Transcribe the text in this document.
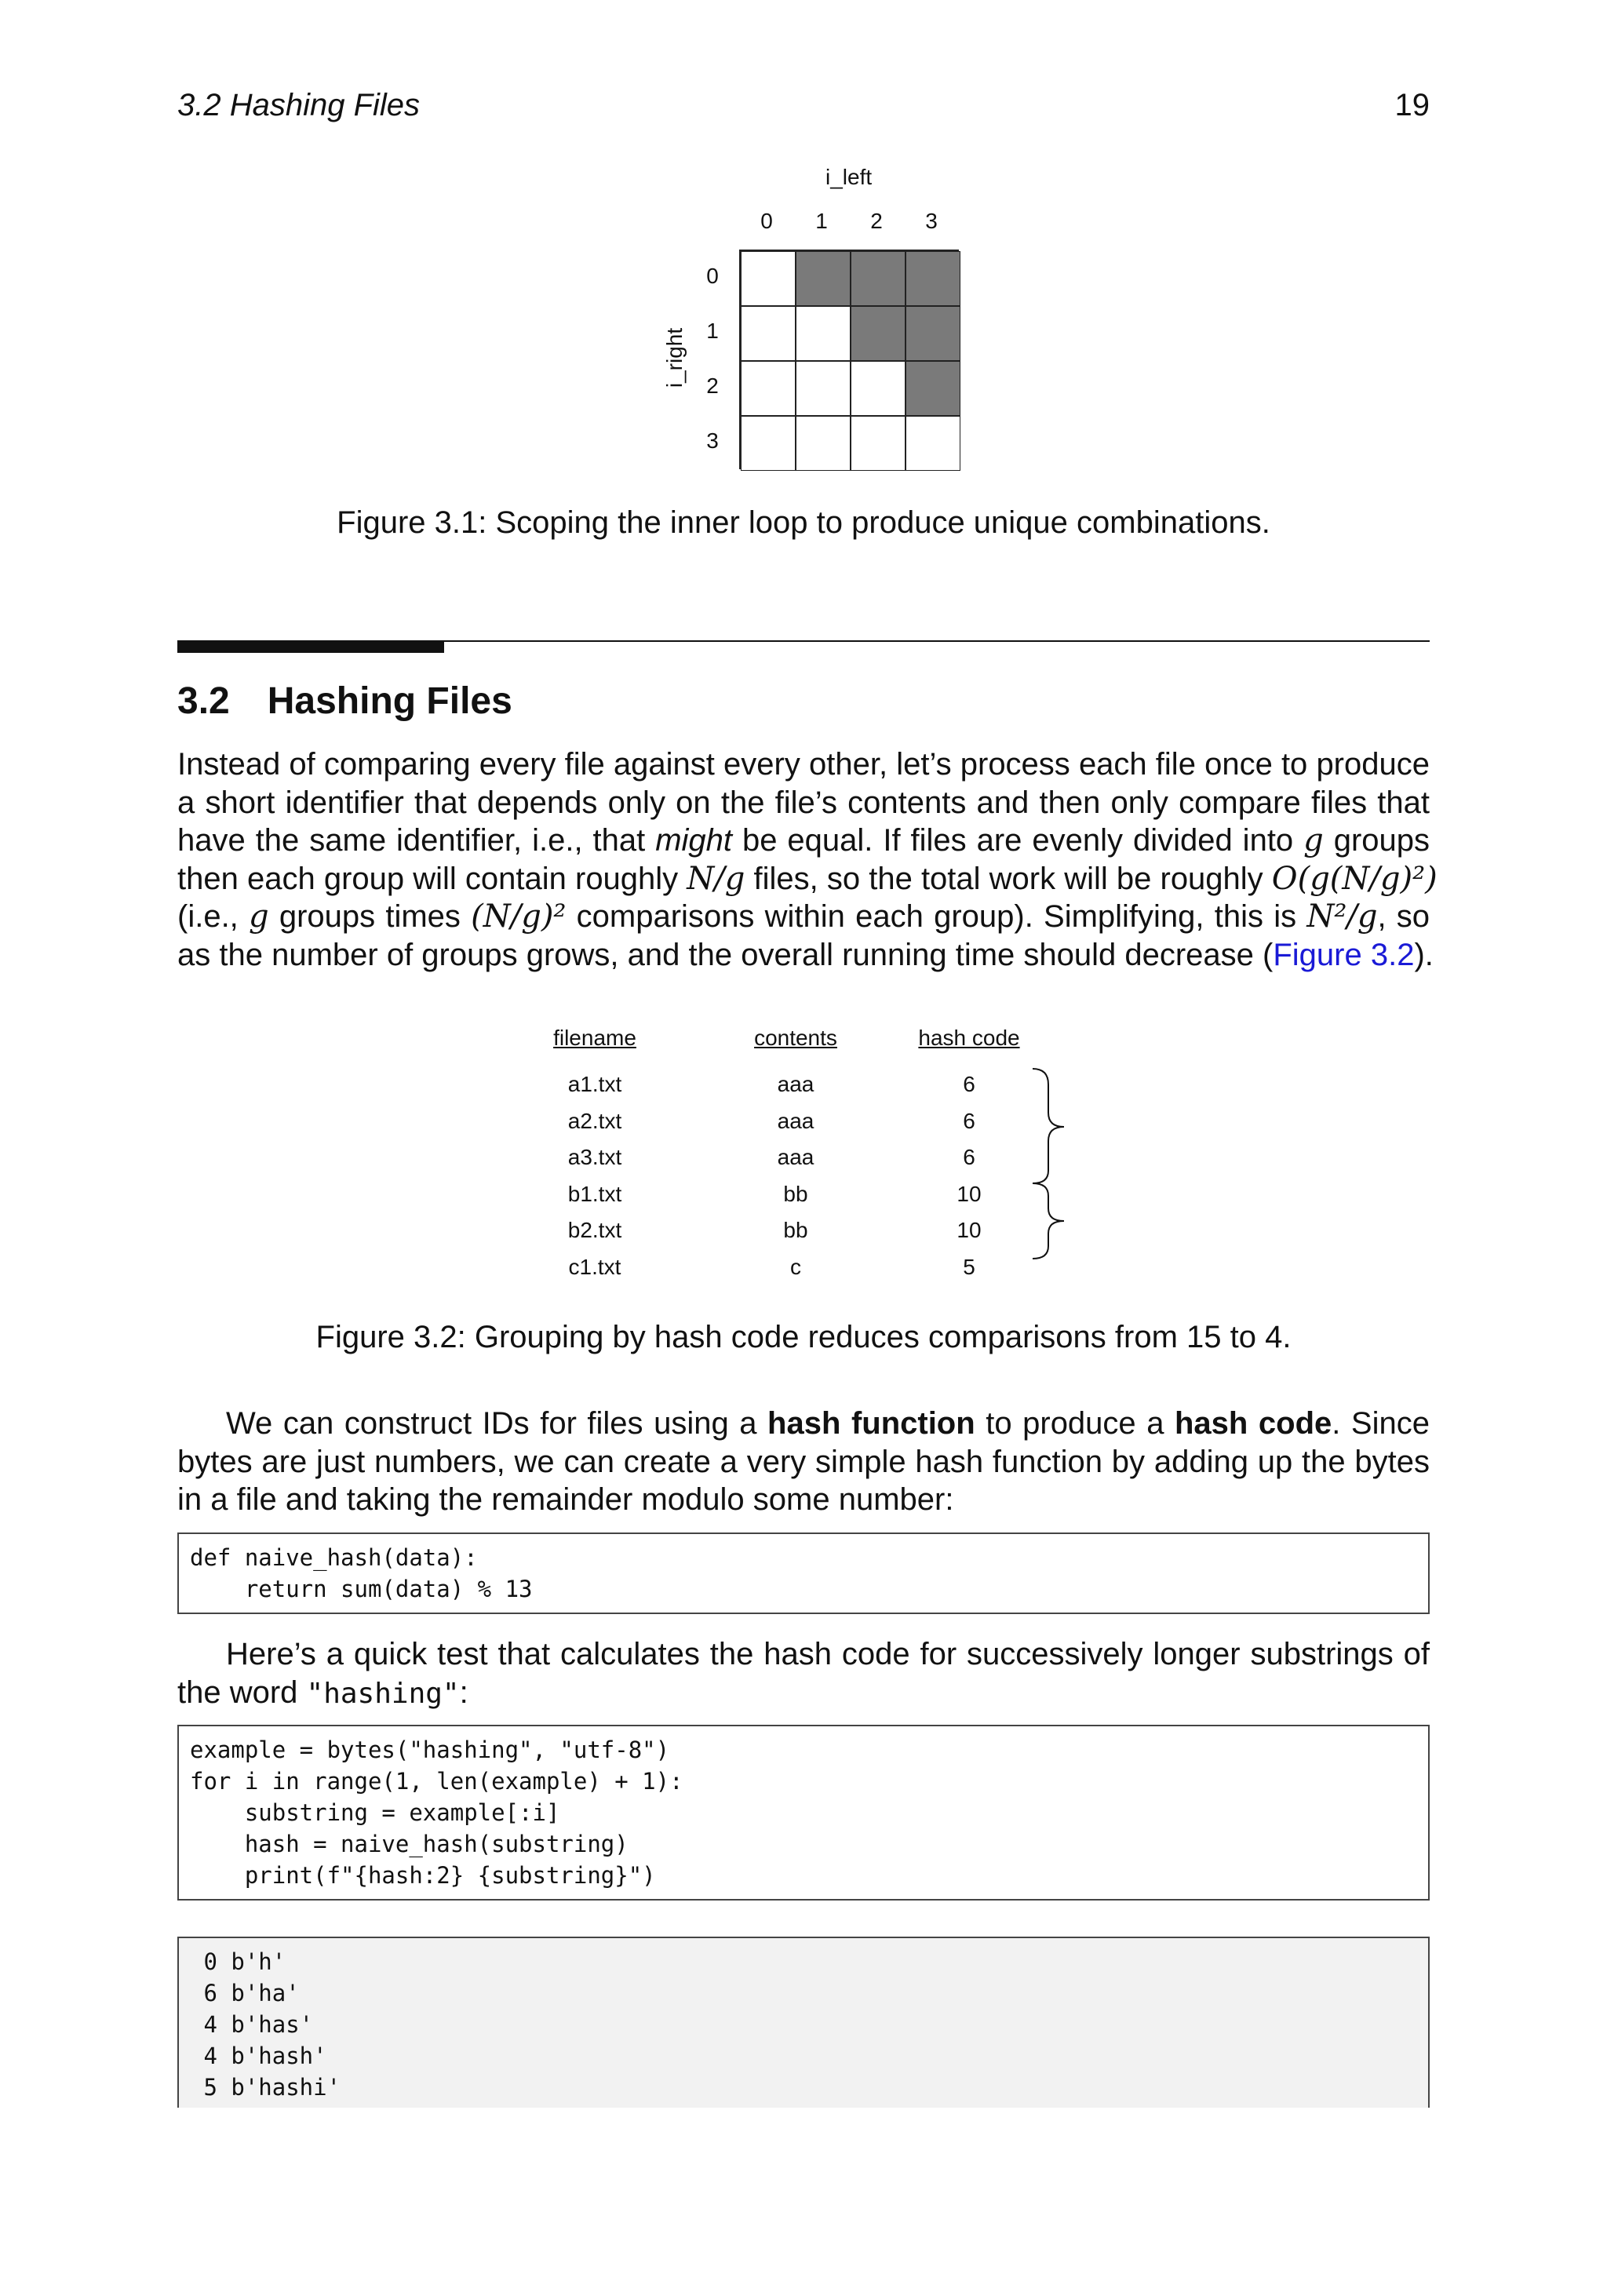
3.2 Hashing Files	19
i_left
i_right
0	1	2	3
0
1
2
3
Figure 3.1: Scoping the inner loop to produce unique combinations.
3.2 Hashing Files
Instead of comparing every file against every other, let’s process each file once to produce
a short identifier that depends only on the file’s contents and then only compare files that
have the same identifier, i.e., that might be equal. If files are evenly divided into g groups
then each group will contain roughly N/g files, so the total work will be roughly O(g(N/g)²)
(i.e., g groups times (N/g)² comparisons within each group). Simplifying, this is N²/g, so
as the number of groups grows, and the overall running time should decrease (Figure 3.2).
filename	contents	hash code
a1.txt	aaa	6
a2.txt	aaa	6
a3.txt	aaa	6
b1.txt	bb	10
b2.txt	bb	10
c1.txt	c	5
Figure 3.2: Grouping by hash code reduces comparisons from 15 to 4.
We can construct IDs for files using a hash function to produce a hash code. Since
bytes are just numbers, we can create a very simple hash function by adding up the bytes
in a file and taking the remainder modulo some number:
def naive_hash(data):
return sum(data) % 13
Here’s a quick test that calculates the hash code for successively longer substrings of
the word "hashing":
example = bytes("hashing", "utf-8")
for i in range(1, len(example) + 1):
substring = example[:i]
hash = naive_hash(substring)
print(f"{hash:2} {substring}")
0 b'h'
6 b'ha'
4 b'has'
4 b'hash'
5 b'hashi'
